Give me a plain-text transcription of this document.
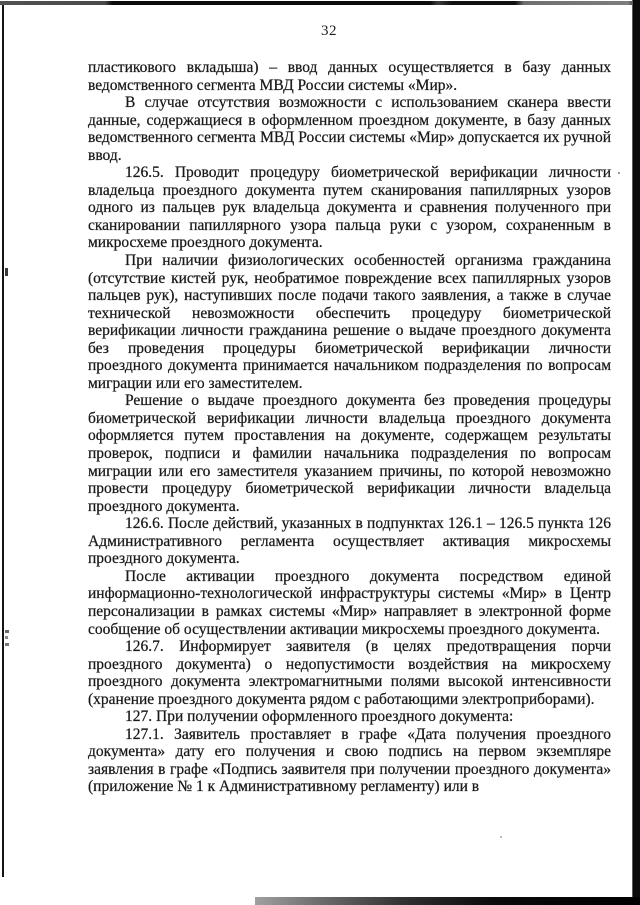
32

пластикового вкладыша) – ввод данных осуществляется в базу данных ведомственного сегмента МВД России системы «Мир».

В случае отсутствия возможности с использованием сканера ввести данные, содержащиеся в оформленном проездном документе, в базу данных ведомственного сегмента МВД России системы «Мир» допускается их ручной ввод.

126.5. Проводит процедуру биометрической верификации личности владельца проездного документа путем сканирования папиллярных узоров одного из пальцев рук владельца документа и сравнения полученного при сканировании папиллярного узора пальца руки с узором, сохраненным в микросхеме проездного документа.

При наличии физиологических особенностей организма гражданина (отсутствие кистей рук, необратимое повреждение всех папиллярных узоров пальцев рук), наступивших после подачи такого заявления, а также в случае технической невозможности обеспечить процедуру биометрической верификации личности гражданина решение о выдаче проездного документа без проведения процедуры биометрической верификации личности проездного документа принимается начальником подразделения по вопросам миграции или его заместителем.

Решение о выдаче проездного документа без проведения процедуры биометрической верификации личности владельца проездного документа оформляется путем проставления на документе, содержащем результаты проверок, подписи и фамилии начальника подразделения по вопросам миграции или его заместителя указанием причины, по которой невозможно провести процедуру биометрической верификации личности владельца проездного документа.

126.6. После действий, указанных в подпунктах 126.1 – 126.5 пункта 126 Административного регламента осуществляет активация микросхемы проездного документа.

После активации проездного документа посредством единой информационно-технологической инфраструктуры системы «Мир» в Центр персонализации в рамках системы «Мир» направляет в электронной форме сообщение об осуществлении активации микросхемы проездного документа.

126.7. Информирует заявителя (в целях предотвращения порчи проездного документа) о недопустимости воздействия на микросхему проездного документа электромагнитными полями высокой интенсивности (хранение проездного документа рядом с работающими электроприборами).

127. При получении оформленного проездного документа:

127.1. Заявитель проставляет в графе «Дата получения проездного документа» дату его получения и свою подпись на первом экземпляре заявления в графе «Подпись заявителя при получении проездного документа» (приложение № 1 к Административному регламенту) или в
